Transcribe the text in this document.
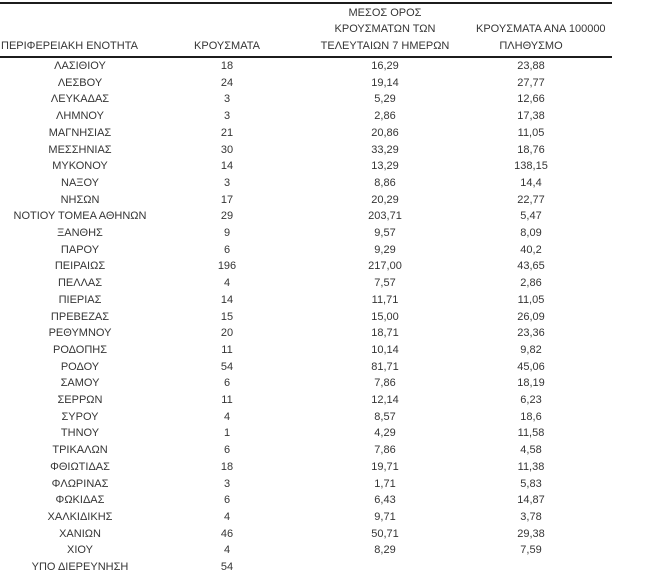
ΠΕΡΙΦΕΡΕΙΑΚΗ ΕΝΟΤΗΤΑ	ΚΡΟΥΣΜΑΤΑ
ΜΕΣΟΣ ΟΡΟΣ
ΚΡΟΥΣΜΑΤΩΝ ΤΩΝ
ΤΕΛΕΥΤΑΙΩΝ 7 ΗΜΕΡΩΝ
ΚΡΟΥΣΜΑΤΑ ΑΝΑ 100000
ΠΛΗΘΥΣΜΟ
ΛΑΣΙΘΙΟΥ	18	16,29	23,88
ΛΕΣΒΟΥ	24	19,14	27,77
ΛΕΥΚΑΔΑΣ	3	5,29	12,66
ΛΗΜΝΟΥ	3	2,86	17,38
ΜΑΓΝΗΣΙΑΣ	21	20,86	11,05
ΜΕΣΣΗΝΙΑΣ	30	33,29	18,76
ΜΥΚΟΝΟΥ	14	13,29	138,15
ΝΑΞΟΥ	3	8,86	14,4
ΝΗΣΩΝ	17	20,29	22,77
ΝΟΤΙΟΥ ΤΟΜΕΑ ΑΘΗΝΩΝ	29	203,71	5,47
ΞΑΝΘΗΣ	9	9,57	8,09
ΠΑΡΟΥ	6	9,29	40,2
ΠΕΙΡΑΙΩΣ	196	217,00	43,65
ΠΕΛΛΑΣ	4	7,57	2,86
ΠΙΕΡΙΑΣ	14	11,71	11,05
ΠΡΕΒΕΖΑΣ	15	15,00	26,09
ΡΕΘΥΜΝΟΥ	20	18,71	23,36
ΡΟΔΟΠΗΣ	11	10,14	9,82
ΡΟΔΟΥ	54	81,71	45,06
ΣΑΜΟΥ	6	7,86	18,19
ΣΕΡΡΩΝ	11	12,14	6,23
ΣΥΡΟΥ	4	8,57	18,6
ΤΗΝΟΥ	1	4,29	11,58
ΤΡΙΚΑΛΩΝ	6	7,86	4,58
ΦΘΙΩΤΙΔΑΣ	18	19,71	11,38
ΦΛΩΡΙΝΑΣ	3	1,71	5,83
ΦΩΚΙΔΑΣ	6	6,43	14,87
ΧΑΛΚΙΔΙΚΗΣ	4	9,71	3,78
ΧΑΝΙΩΝ	46	50,71	29,38
ΧΙΟΥ	4	8,29	7,59
ΥΠΟ ΔΙΕΡΕΥΝΗΣΗ	54
